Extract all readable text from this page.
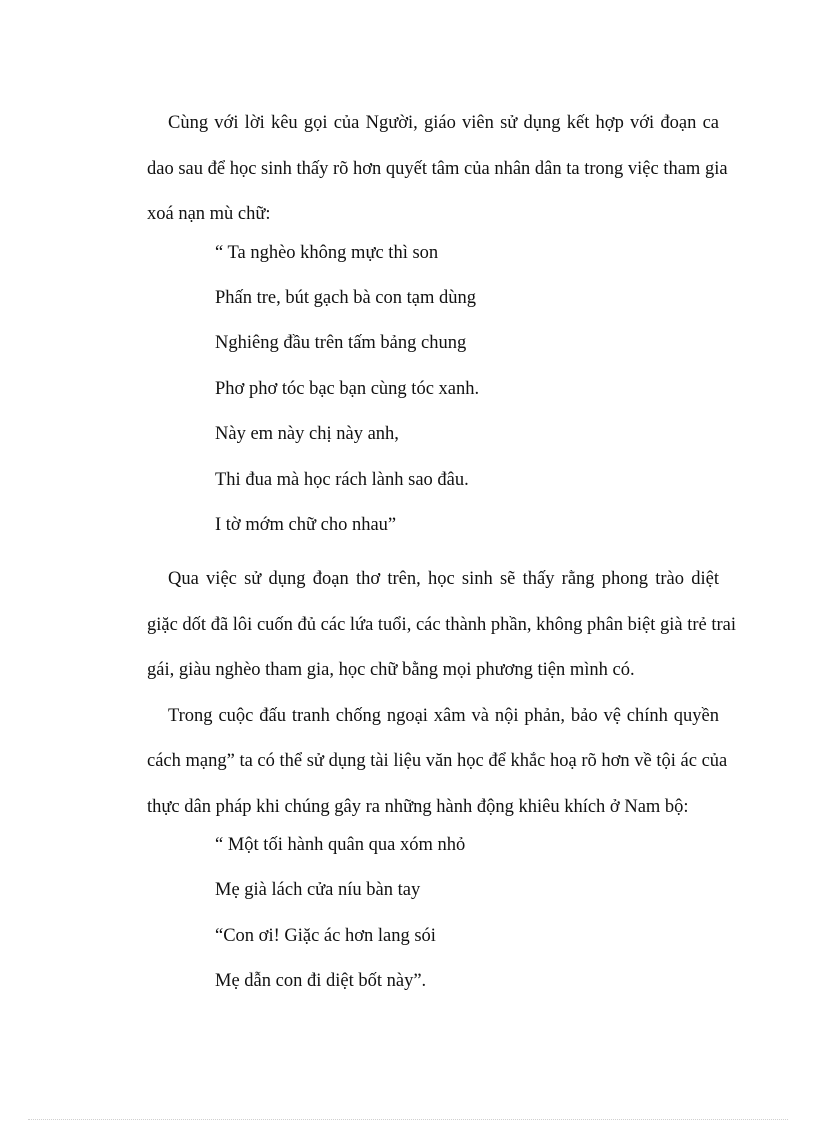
Cùng với lời kêu gọi của Người, giáo viên sử dụng kết hợp với đoạn ca
dao sau để học sinh thấy rõ hơn quyết tâm của nhân dân ta trong việc tham gia
xoá nạn mù chữ:
“ Ta nghèo không mực thì son
Phấn tre, bút gạch bà con tạm dùng
Nghiêng đầu trên tấm bảng chung
Phơ phơ tóc bạc bạn cùng tóc xanh.
Này em này chị này anh,
Thi đua mà học rách lành sao đâu.
I tờ mớm chữ cho nhau”
Qua việc sử dụng đoạn thơ trên, học sinh sẽ thấy rằng phong trào diệt
giặc dốt đã lôi cuốn đủ các lứa tuổi, các thành phần, không phân biệt già trẻ trai
gái, giàu nghèo tham gia, học chữ bằng mọi phương tiện mình có.
Trong cuộc đấu tranh chống ngoại xâm và nội phản, bảo vệ chính quyền
cách mạng” ta có thể sử dụng tài liệu văn học để khắc hoạ rõ hơn về tội ác của
thực dân pháp khi chúng gây ra những hành động khiêu khích ở Nam bộ:
“ Một tối hành quân qua xóm nhỏ
Mẹ già lách cửa níu bàn tay
“Con ơi! Giặc ác hơn lang sói
Mẹ dẫn con đi diệt bốt này”.
